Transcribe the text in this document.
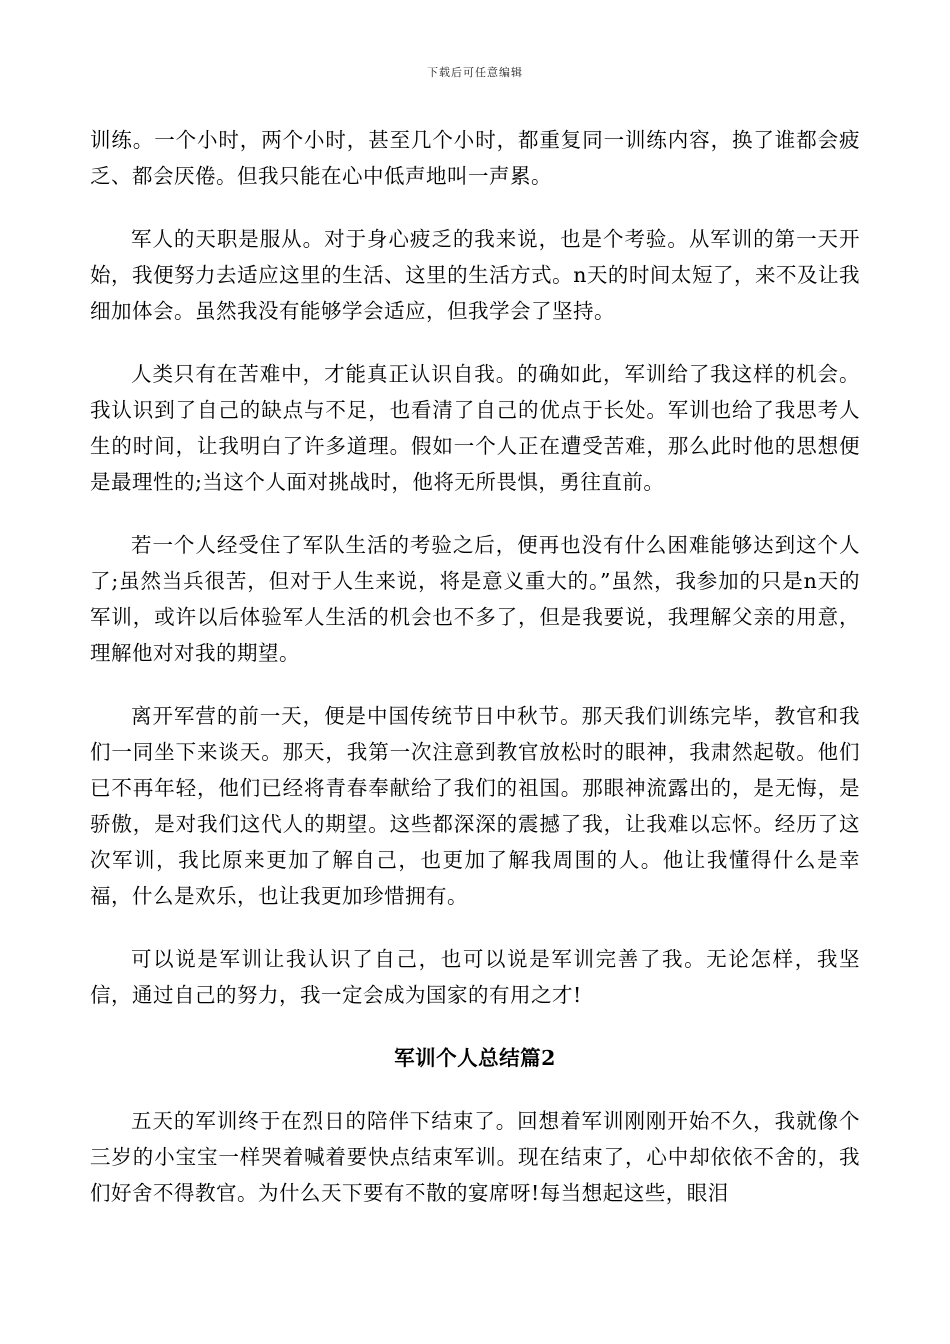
下载后可任意编辑

训练。一个小时，两个小时，甚至几个小时，都重复同一训练内容，换了谁都会疲乏、都会厌倦。但我只能在心中低声地叫一声累。

军人的天职是服从。对于身心疲乏的我来说，也是个考验。从军训的第一天开始，我便努力去适应这里的生活、这里的生活方式。n天的时间太短了，来不及让我细加体会。虽然我没有能够学会适应，但我学会了坚持。

人类只有在苦难中，才能真正认识自我。的确如此，军训给了我这样的机会。我认识到了自己的缺点与不足，也看清了自己的优点于长处。军训也给了我思考人生的时间，让我明白了许多道理。假如一个人正在遭受苦难，那么此时他的思想便是最理性的;当这个人面对挑战时，他将无所畏惧，勇往直前。

若一个人经受住了军队生活的考验之后，便再也没有什么困难能够达到这个人了;虽然当兵很苦，但对于人生来说，将是意义重大的。”虽然，我参加的只是n天的军训，或许以后体验军人生活的机会也不多了，但是我要说，我理解父亲的用意，理解他对对我的期望。

离开军营的前一天，便是中国传统节日中秋节。那天我们训练完毕，教官和我们一同坐下来谈天。那天，我第一次注意到教官放松时的眼神，我肃然起敬。他们已不再年轻，他们已经将青春奉献给了我们的祖国。那眼神流露出的，是无悔，是骄傲，是对我们这代人的期望。这些都深深的震撼了我，让我难以忘怀。经历了这次军训，我比原来更加了解自己，也更加了解我周围的人。他让我懂得什么是幸福，什么是欢乐，也让我更加珍惜拥有。

可以说是军训让我认识了自己，也可以说是军训完善了我。无论怎样，我坚信，通过自己的努力，我一定会成为国家的有用之才!

军训个人总结篇2

五天的军训终于在烈日的陪伴下结束了。回想着军训刚刚开始不久，我就像个三岁的小宝宝一样哭着喊着要快点结束军训。现在结束了，心中却依依不舍的，我们好舍不得教官。为什么天下要有不散的宴席呀!每当想起这些，眼泪
